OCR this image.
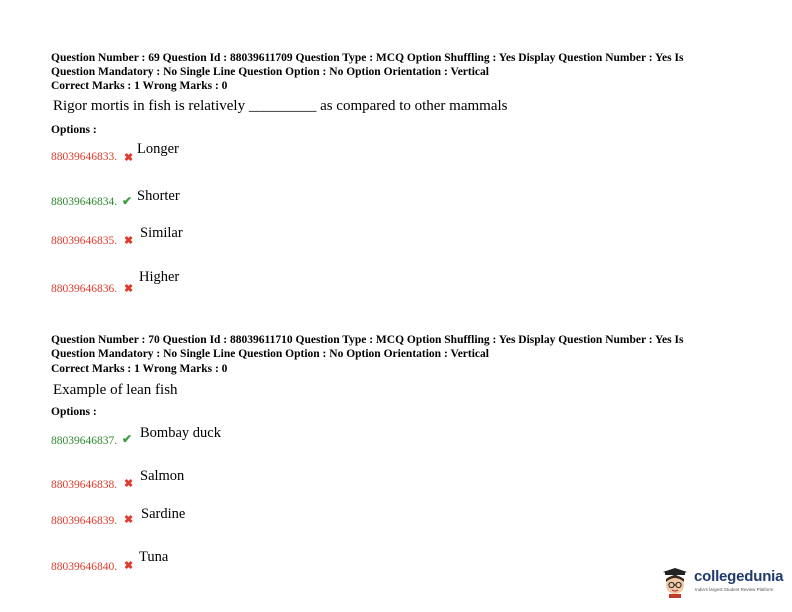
Question Number : 69 Question Id : 88039611709 Question Type : MCQ Option Shuffling : Yes Display Question Number : Yes Is
Question Mandatory : No Single Line Question Option : No Option Orientation : Vertical
Correct Marks : 1 Wrong Marks : 0
Rigor mortis in fish is relatively _________ as compared to other mammals
Options :
88039646833. ✖
Longer
88039646834. ✔ Shorter
88039646835. ✖ Similar
88039646836. ✖
Higher
Question Number : 70 Question Id : 88039611710 Question Type : MCQ Option Shuffling : Yes Display Question Number : Yes Is
Question Mandatory : No Single Line Question Option : No Option Orientation : Vertical
Correct Marks : 1 Wrong Marks : 0
Example of lean fish
Options :
88039646837. ✔ Bombay duck
88039646838. ✖ Salmon
88039646839. ✖ Sardine
88039646840. ✖
Tuna
collegedunia
India's largest Student Review Platform
